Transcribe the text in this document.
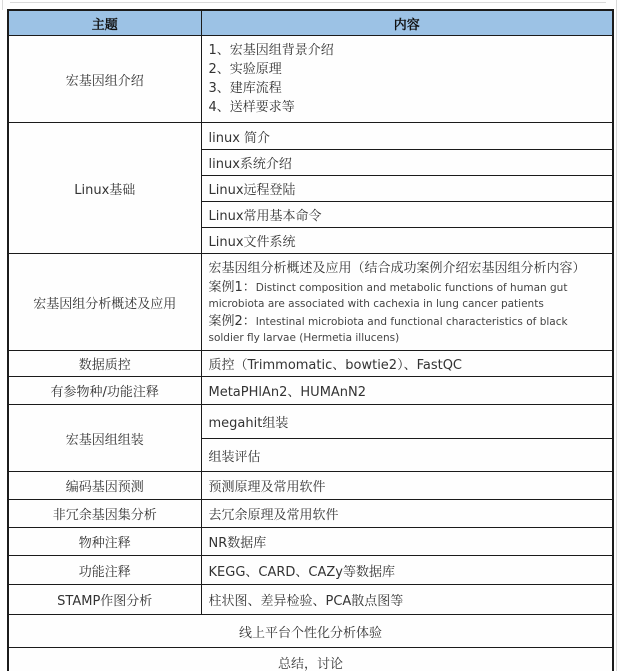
主题	内容
宏基因组介绍	1、宏基因组背景介绍
2、实验原理
3、建库流程
4、送样要求等

Linux基础	linux 简介
linux系统介绍
Linux远程登陆
Linux常用基本命令
Linux文件系统

宏基因组分析概述及应用	宏基因组分析概述及应用（结合成功案例介绍宏基因组分析内容）
案例1：Distinct composition and metabolic functions of human gut microbiota are associated with cachexia in lung cancer patients
案例2：Intestinal microbiota and functional characteristics of black soldier fly larvae (Hermetia illucens)

数据质控	质控（Trimmomatic、bowtie2）、FastQC

有参物种/功能注释	MetaPHlAn2、HUMAnN2

宏基因组组装	megahit组装
组装评估

编码基因预测	预测原理及常用软件

非冗余基因集分析	去冗余原理及常用软件

物种注释	NR数据库

功能注释	KEGG、CARD、CAZy等数据库

STAMP作图分析	柱状图、差异检验、PCA散点图等

线上平台个性化分析体验	
总结，讨论	
